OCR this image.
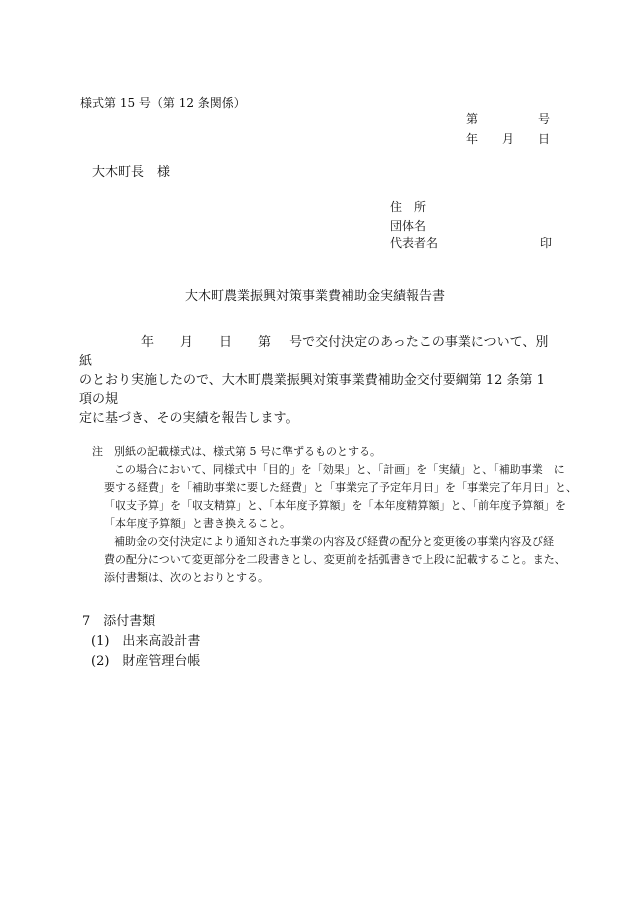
様式第 15 号（第 12 条関係）
第	号
年 月 日
大木町長　様
住　所
団体名
代表者名	印
大木町農業振興対策事業費補助金実績報告書
年 月 日 第 号で交付決定のあったこの事業について、別紙
のとおり実施したので、大木町農業振興対策事業費補助金交付要綱第 12 条第 1 項の規
定に基づき、その実績を報告します。
注　別紙の記載様式は、様式第 5 号に準ずるものとする。
この場合において、同様式中「目的」を「効果」と、「計画」を「実績」と、「補助事業　に
要する経費」を「補助事業に要した経費」と「事業完了予定年月日」を「事業完了年月日」と、
「収支予算」を「収支精算」と、「本年度予算額」を「本年度精算額」と、「前年度予算額」を
「本年度予算額」と書き換えること。
補助金の交付決定により通知された事業の内容及び経費の配分と変更後の事業内容及び経
費の配分について変更部分を二段書きとし、変更前を括弧書きで上段に記載すること。また、
添付書類は、次のとおりとする。
7　添付書類
(1)　出来高設計書
(2)　財産管理台帳
